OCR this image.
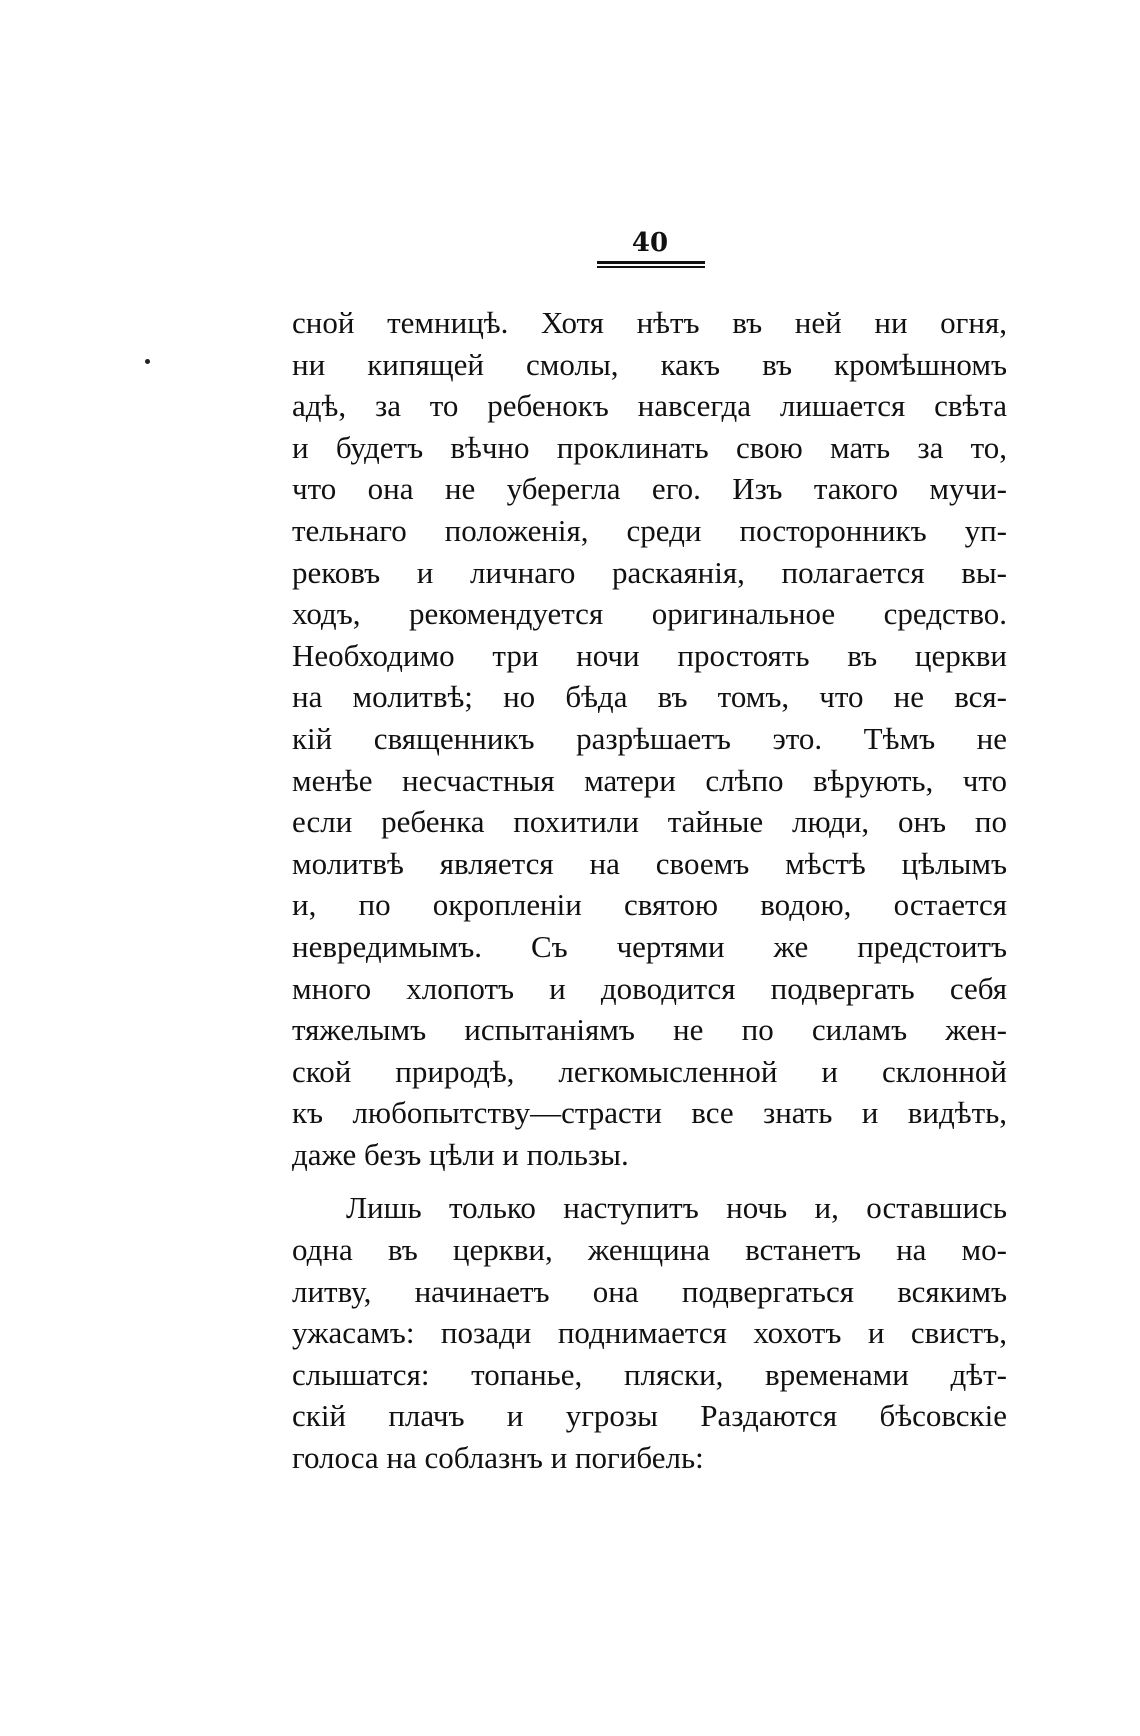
40
сной темницѣ. Хотя нѣтъ въ ней ни огня,
ни кипящей смолы, какъ въ кромѣшномъ
адѣ, за то ребенокъ навсегда лишается свѣта
и будетъ вѣчно проклинать свою мать за то,
что она не уберегла его. Изъ такого мучи-
тельнаго положенія, среди посторонникъ уп-
рековъ и личнаго раскаянія, полагается вы-
ходъ, рекомендуется оригинальное средство.
Необходимо три ночи простоять въ церкви
на молитвѣ; но бѣда въ томъ, что не вся-
кій священникъ разрѣшаетъ это. Тѣмъ не
менѣе несчастныя матери слѣпо вѣрують, что
если ребенка похитили тайные люди, онъ по
молитвѣ является на своемъ мѣстѣ цѣлымъ
и, по окропленіи святою водою, остается
невредимымъ. Съ чертями же предстоитъ
много хлопотъ и доводится подвергать себя
тяжелымъ испытаніямъ не по силамъ жен-
ской природѣ, легкомысленной и склонной
къ любопытству—страсти все знать и видѣть,
даже безъ цѣли и пользы.
Лишь только наступитъ ночь и, оставшись
одна въ церкви, женщина встанетъ на мо-
литву, начинаетъ она подвергаться всякимъ
ужасамъ: позади поднимается хохотъ и свистъ,
слышатся: топанье, пляски, временами дѣт-
скій плачъ и угрозы Раздаются бѣсовскіе
голоса на соблазнъ и погибель:
